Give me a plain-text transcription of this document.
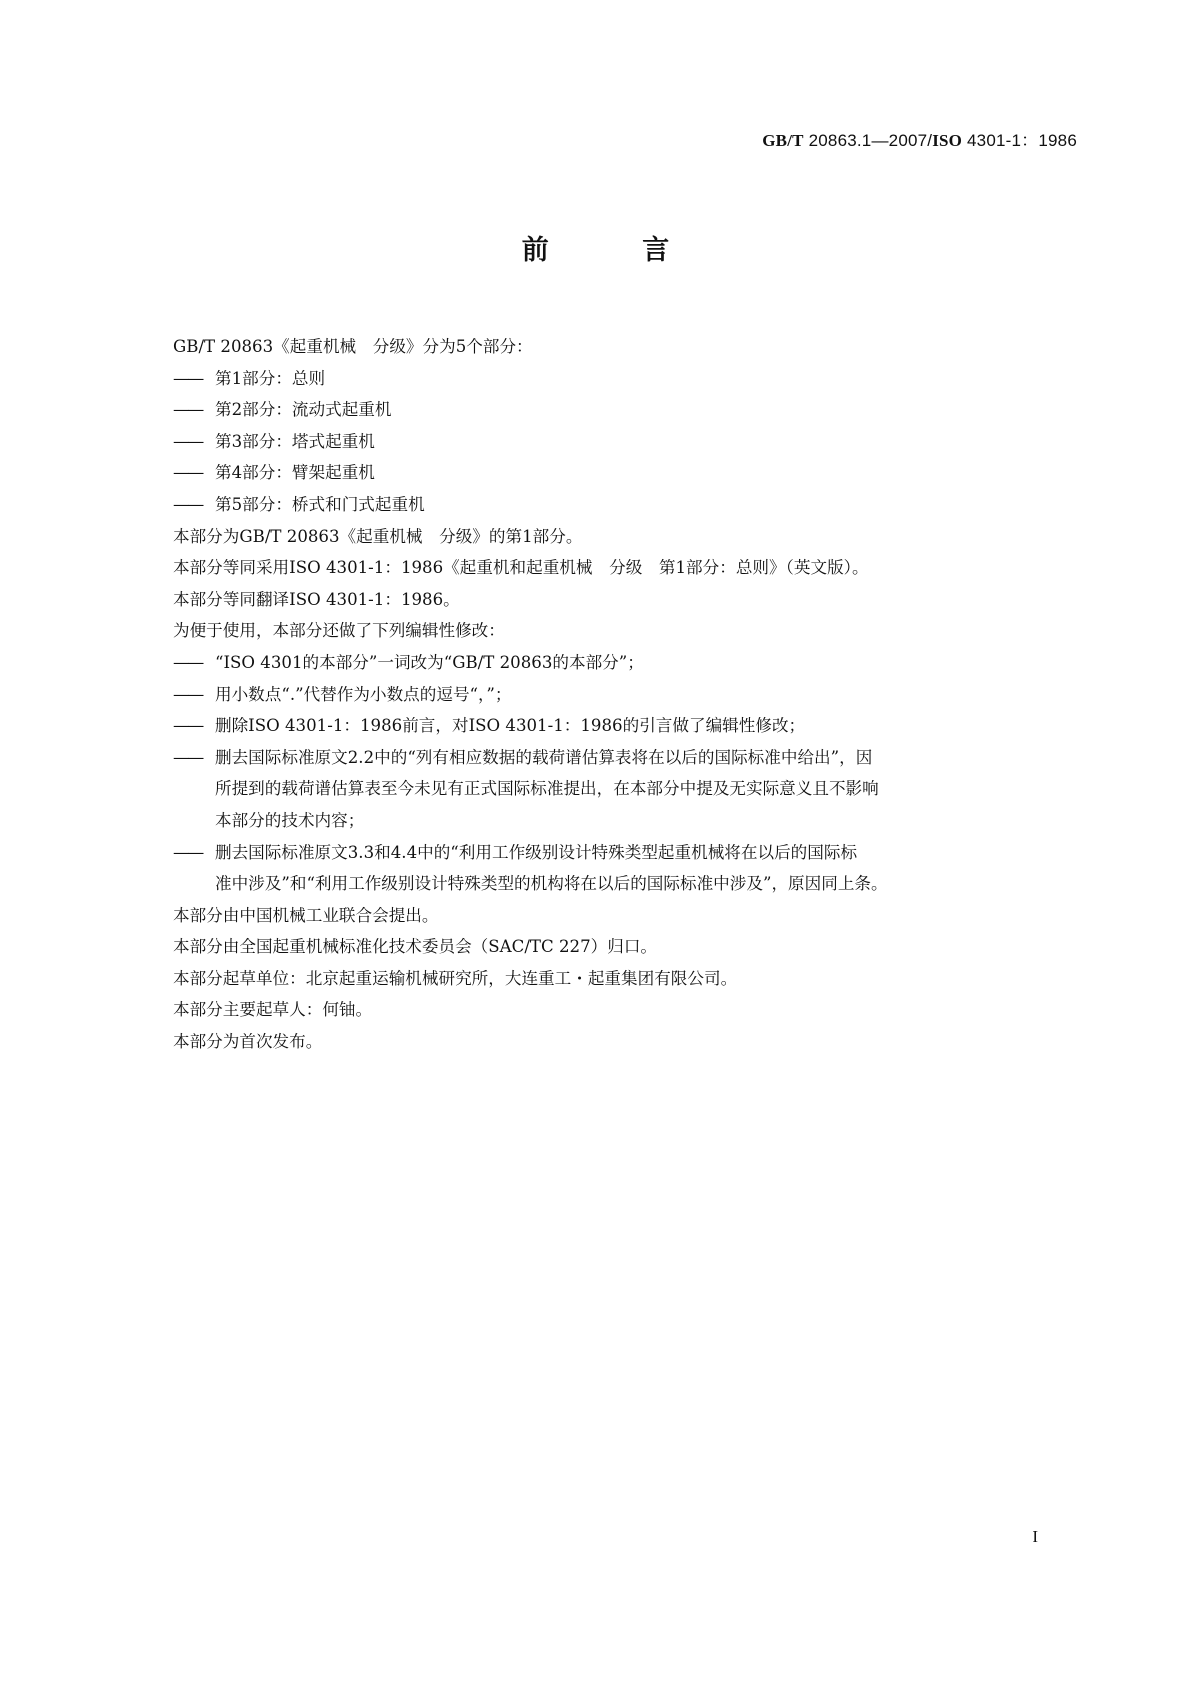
GB/T 20863.1—2007/ISO 4301-1：1986
前 言
GB/T 20863《起重机械　分级》分为5个部分：
—— 第1部分：总则
—— 第2部分：流动式起重机
—— 第3部分：塔式起重机
—— 第4部分：臂架起重机
—— 第5部分：桥式和门式起重机
本部分为GB/T 20863《起重机械　分级》的第1部分。
本部分等同采用ISO 4301-1：1986《起重机和起重机械　分级　第1部分：总则》（英文版）。
本部分等同翻译ISO 4301-1：1986。
为便于使用，本部分还做了下列编辑性修改：
—— “ISO 4301的本部分”一词改为“GB/T 20863的本部分”；
—— 用小数点“.”代替作为小数点的逗号“，”；
—— 删除ISO 4301-1：1986前言，对ISO 4301-1：1986的引言做了编辑性修改；
—— 删去国际标准原文2.2中的“列有相应数据的载荷谱估算表将在以后的国际标准中给出”，因
所提到的载荷谱估算表至今未见有正式国际标准提出，在本部分中提及无实际意义且不影响
本部分的技术内容；
—— 删去国际标准原文3.3和4.4中的“利用工作级别设计特殊类型起重机械将在以后的国际标
准中涉及”和“利用工作级别设计特殊类型的机构将在以后的国际标准中涉及”，原因同上条。
本部分由中国机械工业联合会提出。
本部分由全国起重机械标准化技术委员会（SAC/TC 227）归口。
本部分起草单位：北京起重运输机械研究所，大连重工・起重集团有限公司。
本部分主要起草人：何铀。
本部分为首次发布。
I
